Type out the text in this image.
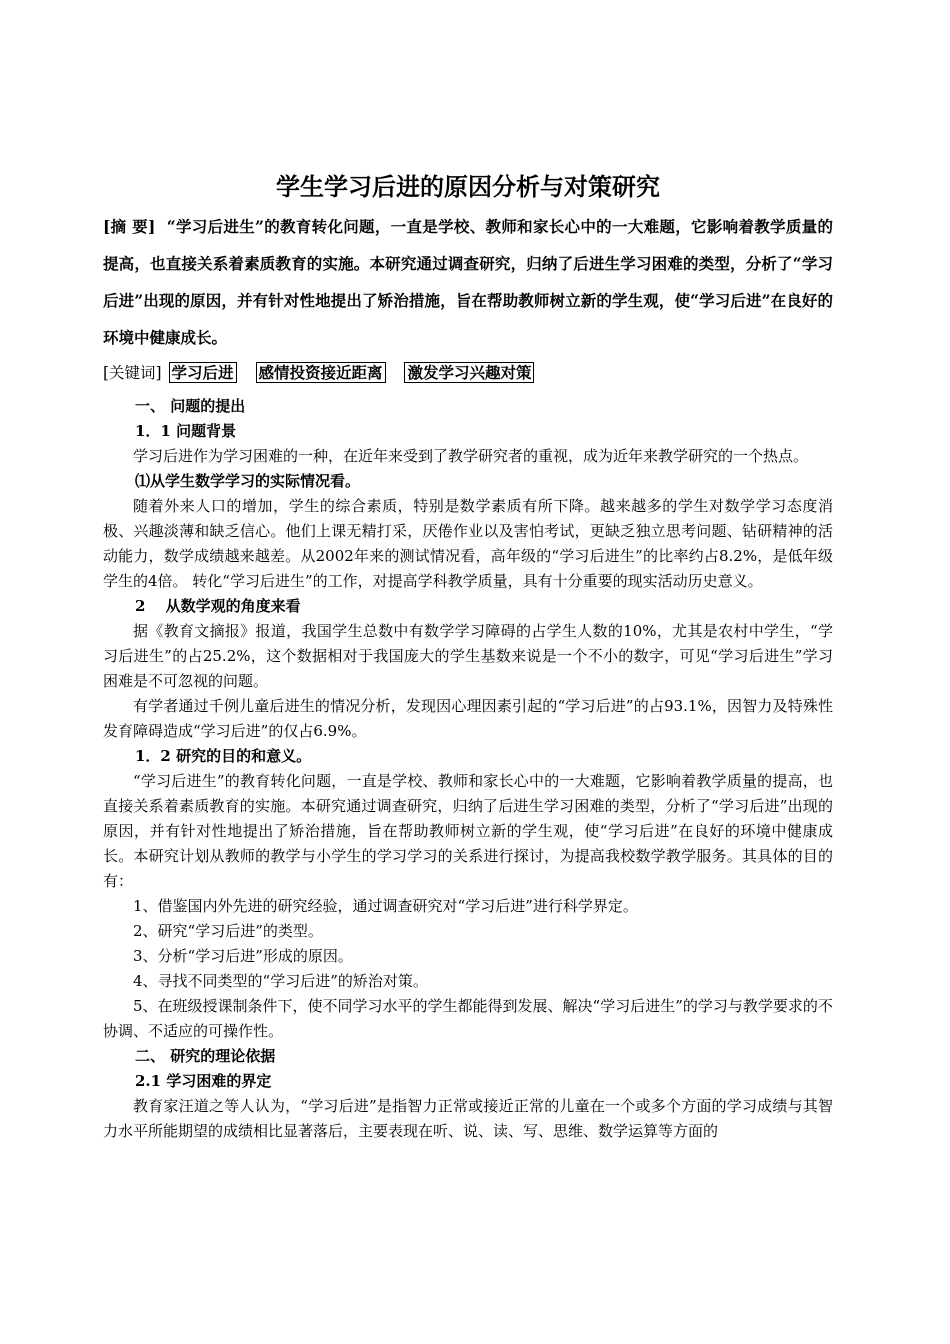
学生学习后进的原因分析与对策研究

[摘 要] “学习后进生”的教育转化问题，一直是学校、教师和家长心中的一大难题，它影响着教学质量的提高，也直接关系着素质教育的实施。本研究通过调查研究，归纳了后进生学习困难的类型，分析了“学习后进”出现的原因，并有针对性地提出了矫治措施，旨在帮助教师树立新的学生观，使“学习后进”在良好的环境中健康成长。

[关键词] 学习后进 感情投资接近距离 激发学习兴趣对策

一、 问题的提出

1．1 问题背景

学习后进作为学习困难的一种，在近年来受到了教学研究者的重视，成为近年来教学研究的一个热点。

⑴从学生数学学习的实际情况看。

随着外来人口的增加，学生的综合素质，特别是数学素质有所下降。越来越多的学生对数学学习态度消极、兴趣淡薄和缺乏信心。他们上课无精打采，厌倦作业以及害怕考试，更缺乏独立思考问题、钻研精神的活动能力，数学成绩越来越差。从2002年来的测试情况看，高年级的“学习后进生”的比率约占8.2%，是低年级学生的4倍。 转化“学习后进生”的工作，对提高学科教学质量，具有十分重要的现实活动历史意义。

2　 从数学观的角度来看

据《教育文摘报》报道，我国学生总数中有数学学习障碍的占学生人数的10%，尤其是农村中学生，“学习后进生”的占25.2%，这个数据相对于我国庞大的学生基数来说是一个不小的数字，可见“学习后进生”学习困难是不可忽视的问题。

有学者通过千例儿童后进生的情况分析，发现因心理因素引起的“学习后进”的占93.1%，因智力及特殊性发育障碍造成“学习后进”的仅占6.9%。

1．2 研究的目的和意义。

“学习后进生”的教育转化问题，一直是学校、教师和家长心中的一大难题，它影响着教学质量的提高，也直接关系着素质教育的实施。本研究通过调查研究，归纳了后进生学习困难的类型，分析了“学习后进”出现的原因，并有针对性地提出了矫治措施，旨在帮助教师树立新的学生观，使“学习后进”在良好的环境中健康成长。本研究计划从教师的教学与小学生的学习学习的关系进行探讨，为提高我校数学教学服务。其具体的目的有：

1、借鉴国内外先进的研究经验，通过调查研究对“学习后进”进行科学界定。

2、研究“学习后进”的类型。

3、分析“学习后进”形成的原因。

4、寻找不同类型的“学习后进”的矫治对策。

5、在班级授课制条件下，使不同学习水平的学生都能得到发展、解决“学习后进生”的学习与教学要求的不协调、不适应的可操作性。

二、 研究的理论依据

2.1 学习困难的界定

教育家汪道之等人认为，“学习后进”是指智力正常或接近正常的儿童在一个或多个方面的学习成绩与其智力水平所能期望的成绩相比显著落后，主要表现在听、说、读、写、思维、数学运算等方面的
